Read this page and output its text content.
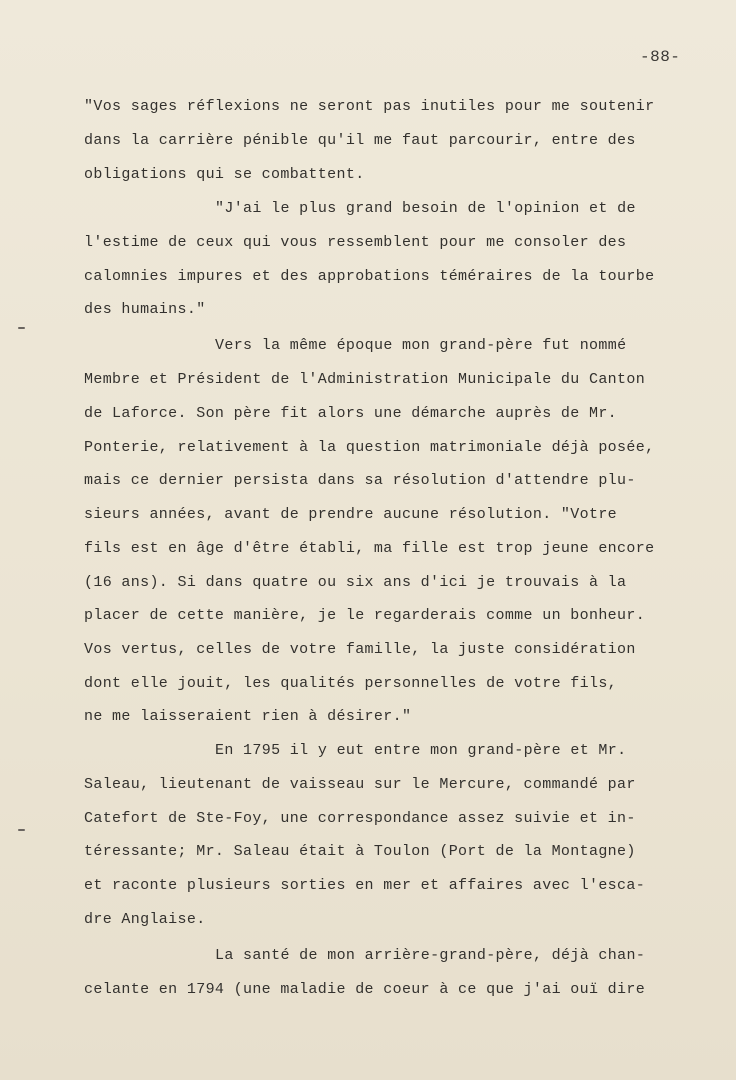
-88-
"Vos sages réflexions ne seront pas inutiles pour me soutenir
dans la carrière pénible qu'il me faut parcourir, entre des
obligations qui se combattent.
"J'ai le plus grand besoin de l'opinion et de
l'estime de ceux qui vous ressemblent pour me consoler des
calomnies impures et des approbations téméraires de la tourbe
des humains."
Vers la même époque mon grand-père fut nommé
Membre et Président de l'Administration Municipale du Canton
de Laforce. Son père fit alors une démarche auprès de Mr.
Ponterie, relativement à la question matrimoniale déjà posée,
mais ce dernier persista dans sa résolution d'attendre plu-
sieurs années, avant de prendre aucune résolution. "Votre
fils est en âge d'être établi, ma fille est trop jeune encore
(16 ans). Si dans quatre ou six ans d'ici je trouvais à la
placer de cette manière, je le regarderais comme un bonheur.
Vos vertus, celles de votre famille, la juste considération
dont elle jouit, les qualités personnelles de votre fils,
ne me laisseraient rien à désirer."
En 1795 il y eut entre mon grand-père et Mr.
Saleau, lieutenant de vaisseau sur le Mercure, commandé par
Catefort de Ste-Foy, une correspondance assez suivie et in-
téressante; Mr. Saleau était à Toulon (Port de la Montagne)
et raconte plusieurs sorties en mer et affaires avec l'esca-
dre Anglaise.
La santé de mon arrière-grand-père, déjà chan-
celante en 1794 (une maladie de coeur à ce que j'ai ouï dire
